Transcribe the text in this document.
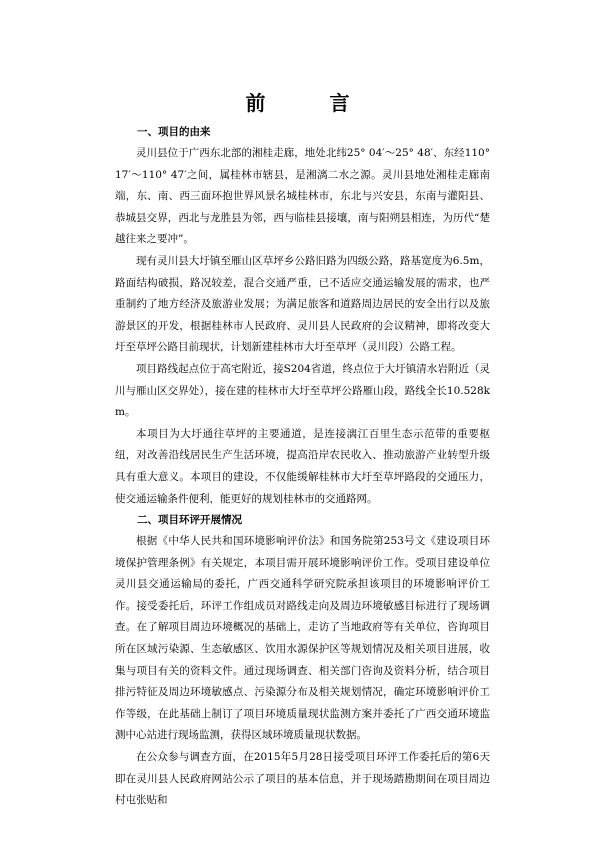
前　言
一、项目的由来

灵川县位于广西东北部的湘桂走廊，地处北纬25° 04′～25° 48′、东经110° 17′～110° 47′之间，属桂林市辖县，是湘漓二水之源。灵川县地处湘桂走廊南端，东、南、西三面环抱世界风景名城桂林市，东北与兴安县，东南与灌阳县、恭城县交界，西北与龙胜县为邻，西与临桂县接壤，南与阳朔县相连，为历代“楚越往来之要冲”。

现有灵川县大圩镇至雁山区草坪乡公路旧路为四级公路，路基宽度为6.5m，路面结构破损，路况较差，混合交通严重，已不适应交通运输发展的需求，也严重制约了地方经济及旅游业发展；为满足旅客和道路周边居民的安全出行以及旅游景区的开发，根据桂林市人民政府、灵川县人民政府的会议精神，即将改变大圩至草坪公路目前现状，计划新建桂林市大圩至草坪（灵川段）公路工程。

项目路线起点位于高宅附近，接S204省道，终点位于大圩镇清水岩附近（灵川与雁山区交界处），接在建的桂林市大圩至草坪公路雁山段，路线全长10.528km。

本项目为大圩通往草坪的主要通道，是连接漓江百里生态示范带的重要枢纽，对改善沿线居民生产生活环境，提高沿岸农民收入、推动旅游产业转型升级具有重大意义。本项目的建设，不仅能缓解桂林市大圩至草坪路段的交通压力，使交通运输条件便利，能更好的规划桂林市的交通路网。

二、项目环评开展情况

根据《中华人民共和国环境影响评价法》和国务院第253号文《建设项目环境保护管理条例》有关规定，本项目需开展环境影响评价工作。受项目建设单位灵川县交通运输局的委托，广西交通科学研究院承担该项目的环境影响评价工作。接受委托后，环评工作组成员对路线走向及周边环境敏感目标进行了现场调查。在了解项目周边环境概况的基础上，走访了当地政府等有关单位，咨询项目所在区域污染源、生态敏感区、饮用水源保护区等规划情况及相关项目进展，收集与项目有关的资料文件。通过现场调查、相关部门咨询及资料分析，结合项目排污特征及周边环境敏感点、污染源分布及相关规划情况，确定环境影响评价工作等级，在此基础上制订了项目环境质量现状监测方案并委托了广西交通环境监测中心站进行现场监测，获得区域环境质量现状数据。

在公众参与调查方面，在2015年5月28日接受项目环评工作委托后的第6天即在灵川县人民政府网站公示了项目的基本信息，并于现场踏勘期间在项目周边村屯张贴和
